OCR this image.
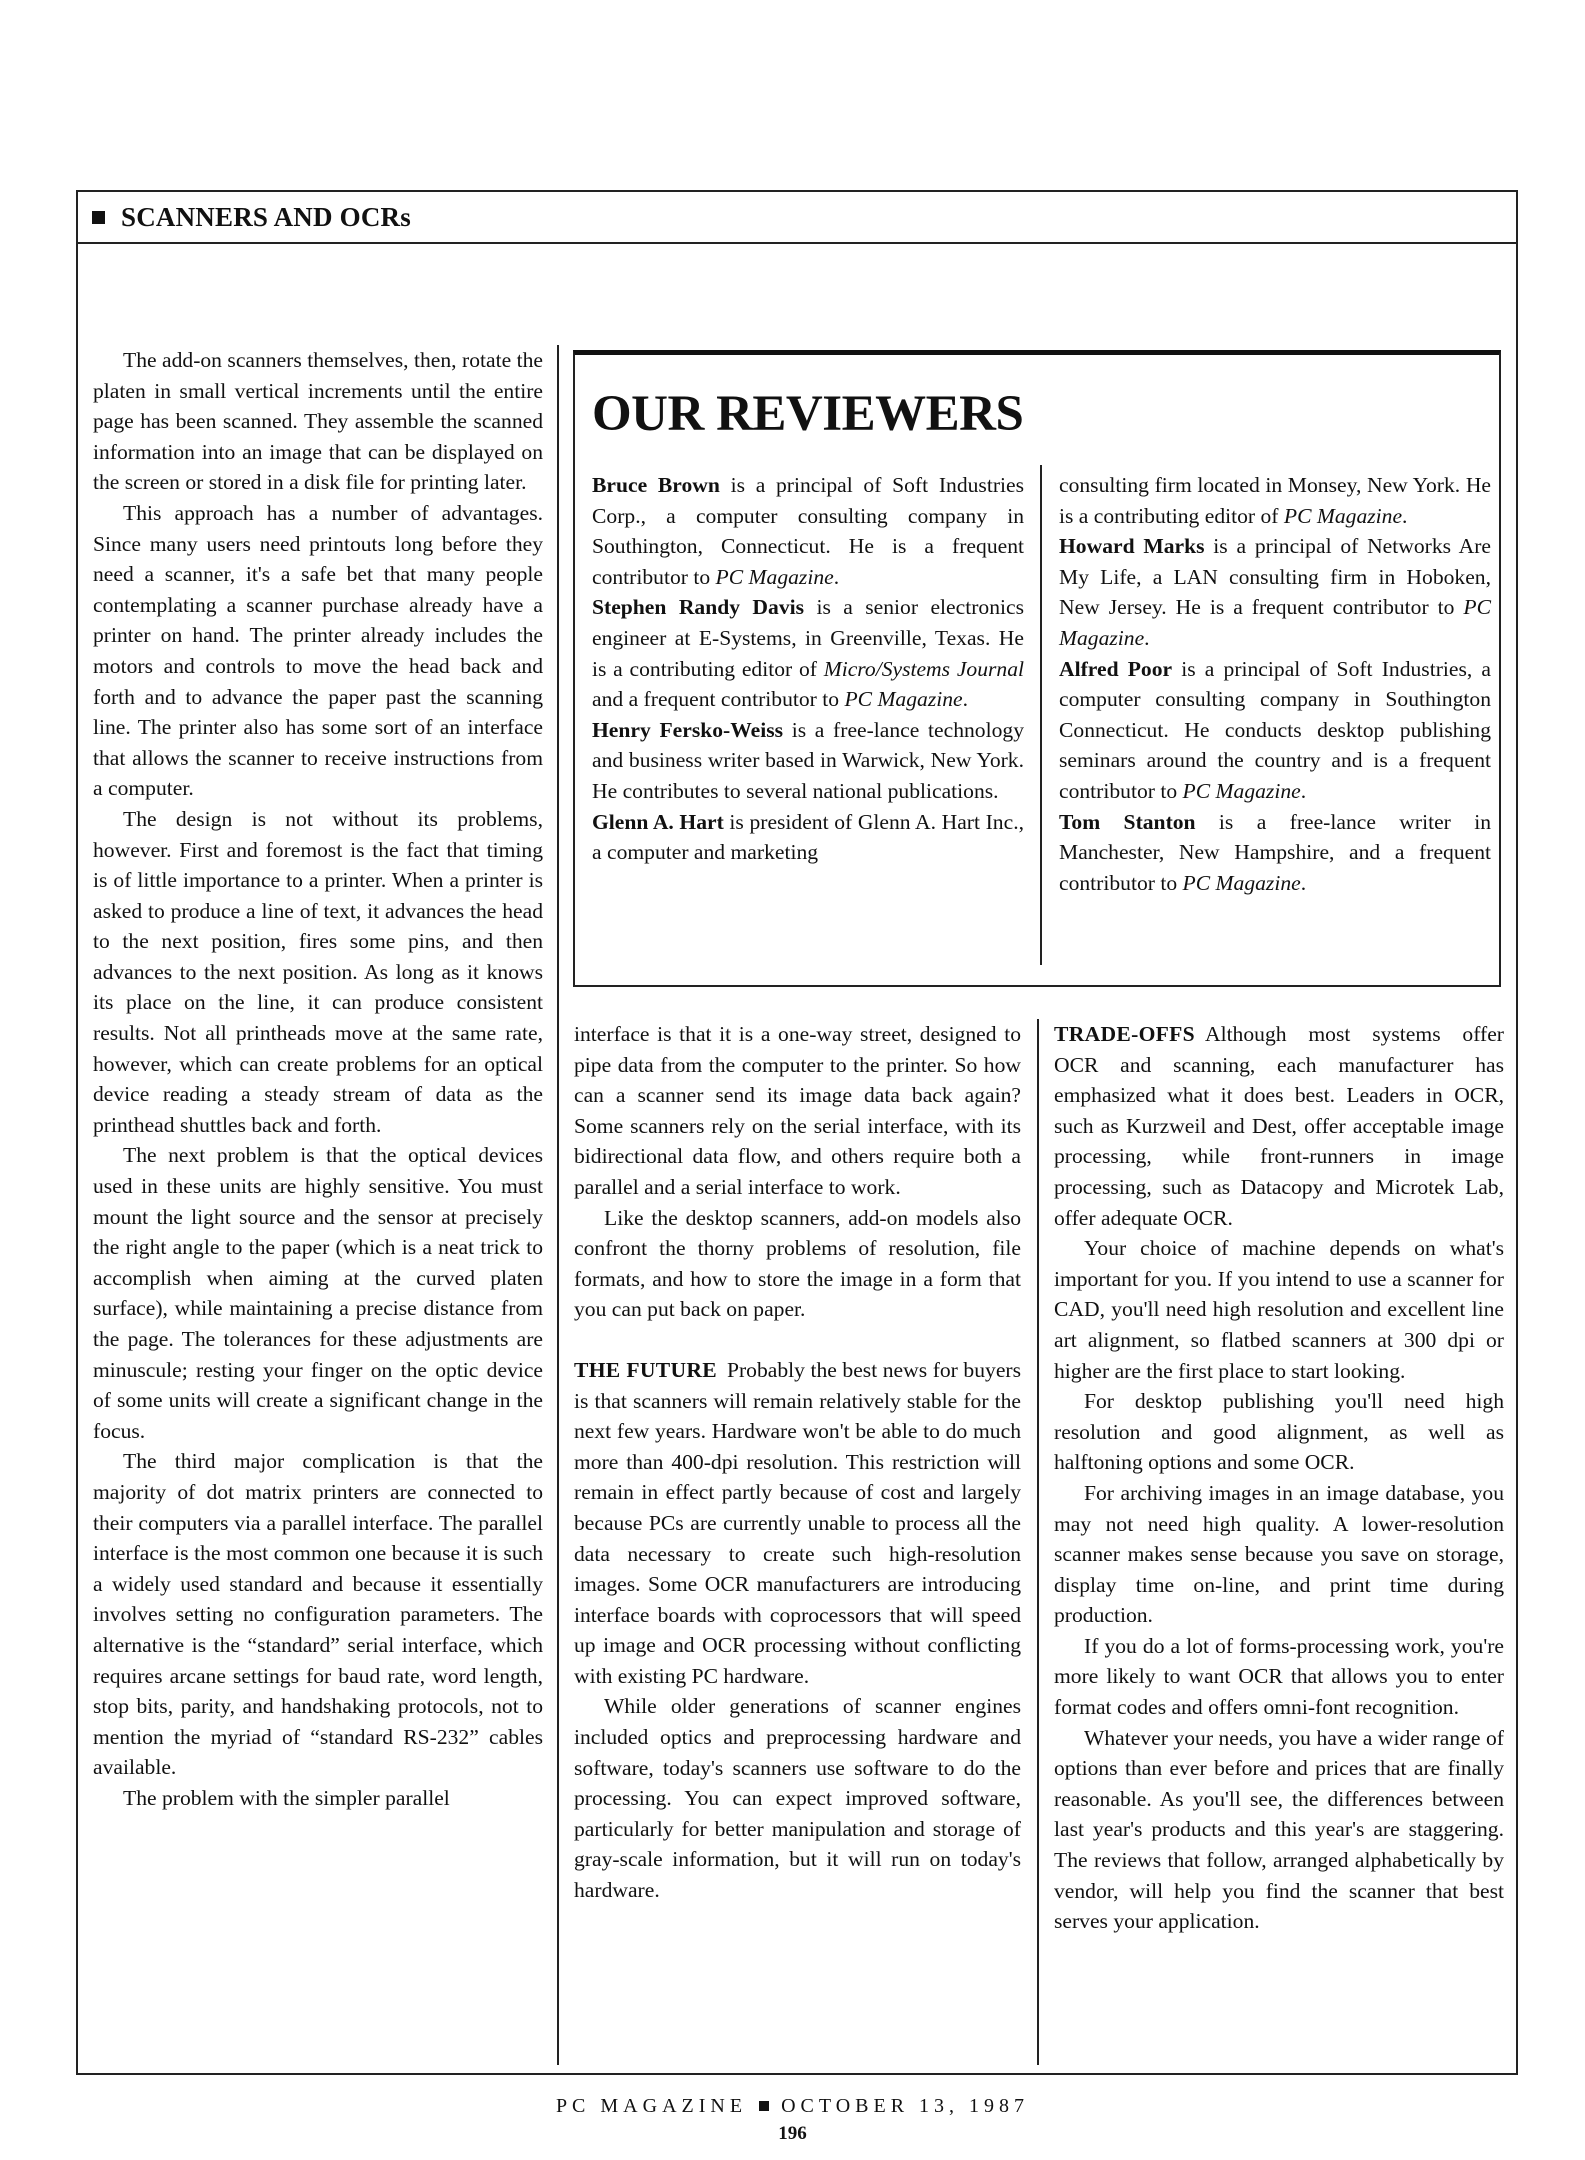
SCANNERS AND OCRs

The add-on scanners themselves, then, rotate the platen in small vertical increments until the entire page has been scanned. They assemble the scanned information into an image that can be displayed on the screen or stored in a disk file for printing later.

This approach has a number of advantages. Since many users need printouts long before they need a scanner, it's a safe bet that many people contemplating a scanner purchase already have a printer on hand. The printer already includes the motors and controls to move the head back and forth and to advance the paper past the scanning line. The printer also has some sort of an interface that allows the scanner to receive instructions from a computer.

The design is not without its problems, however. First and foremost is the fact that timing is of little importance to a printer. When a printer is asked to produce a line of text, it advances the head to the next position, fires some pins, and then advances to the next position. As long as it knows its place on the line, it can produce consistent results. Not all printheads move at the same rate, however, which can create problems for an optical device reading a steady stream of data as the printhead shuttles back and forth.

The next problem is that the optical devices used in these units are highly sensitive. You must mount the light source and the sensor at precisely the right angle to the paper (which is a neat trick to accomplish when aiming at the curved platen surface), while maintaining a precise distance from the page. The tolerances for these adjustments are minuscule; resting your finger on the optic device of some units will create a significant change in the focus.

The third major complication is that the majority of dot matrix printers are connected to their computers via a parallel interface. The parallel interface is the most common one because it is such a widely used standard and because it essentially involves setting no configuration parameters. The alternative is the “standard” serial interface, which requires arcane settings for baud rate, word length, stop bits, parity, and handshaking protocols, not to mention the myriad of “standard RS-232” cables available.

The problem with the simpler parallel

OUR REVIEWERS

Bruce Brown is a principal of Soft Industries Corp., a computer consulting company in Southington, Connecticut. He is a frequent contributor to PC Magazine.

Stephen Randy Davis is a senior electronics engineer at E-Systems, in Greenville, Texas. He is a contributing editor of Micro/Systems Journal and a frequent contributor to PC Magazine.

Henry Fersko-Weiss is a free-lance technology and business writer based in Warwick, New York. He contributes to several national publications.

Glenn A. Hart is president of Glenn A. Hart Inc., a computer and marketing

consulting firm located in Monsey, New York. He is a contributing editor of PC Magazine.

Howard Marks is a principal of Networks Are My Life, a LAN consulting firm in Hoboken, New Jersey. He is a frequent contributor to PC Magazine.

Alfred Poor is a principal of Soft Industries, a computer consulting company in Southington Connecticut. He conducts desktop publishing seminars around the country and is a frequent contributor to PC Magazine.

Tom Stanton is a free-lance writer in Manchester, New Hampshire, and a frequent contributor to PC Magazine.

interface is that it is a one-way street, designed to pipe data from the computer to the printer. So how can a scanner send its image data back again? Some scanners rely on the serial interface, with its bidirectional data flow, and others require both a parallel and a serial interface to work.

Like the desktop scanners, add-on models also confront the thorny problems of resolution, file formats, and how to store the image in a form that you can put back on paper.

THE FUTURE Probably the best news for buyers is that scanners will remain relatively stable for the next few years. Hardware won't be able to do much more than 400-dpi resolution. This restriction will remain in effect partly because of cost and largely because PCs are currently unable to process all the data necessary to create such high-resolution images. Some OCR manufacturers are introducing interface boards with coprocessors that will speed up image and OCR processing without conflicting with existing PC hardware.

While older generations of scanner engines included optics and preprocessing hardware and software, today's scanners use software to do the processing. You can expect improved software, particularly for better manipulation and storage of gray-scale information, but it will run on today's hardware.

TRADE-OFFS Although most systems offer OCR and scanning, each manufacturer has emphasized what it does best. Leaders in OCR, such as Kurzweil and Dest, offer acceptable image processing, while front-runners in image processing, such as Datacopy and Microtek Lab, offer adequate OCR.

Your choice of machine depends on what's important for you. If you intend to use a scanner for CAD, you'll need high resolution and excellent line art alignment, so flatbed scanners at 300 dpi or higher are the first place to start looking.

For desktop publishing you'll need high resolution and good alignment, as well as halftoning options and some OCR.

For archiving images in an image database, you may not need high quality. A lower-resolution scanner makes sense because you save on storage, display time on-line, and print time during production.

If you do a lot of forms-processing work, you're more likely to want OCR that allows you to enter format codes and offers omni-font recognition.

Whatever your needs, you have a wider range of options than ever before and prices that are finally reasonable. As you'll see, the differences between last year's products and this year's are staggering. The reviews that follow, arranged alphabetically by vendor, will help you find the scanner that best serves your application.

PC MAGAZINE OCTOBER 13, 1987
196
